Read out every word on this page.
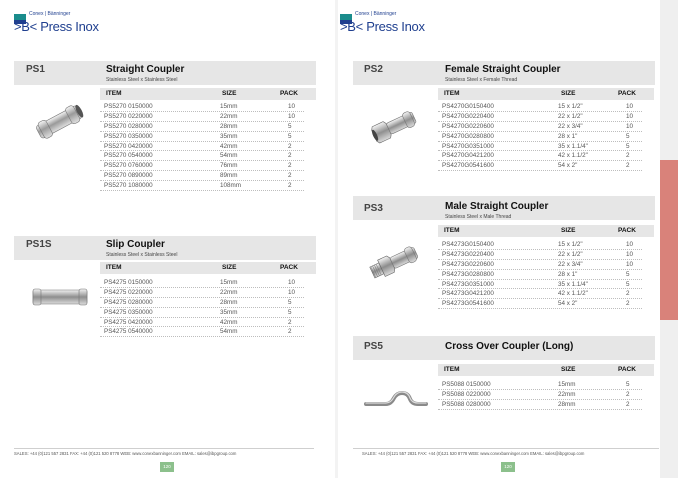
Conex | Bänninger
>B< Press Inox
PS1	Straight Coupler
Stainless Steel x Stainless Steel
ITEM	SIZE	PACK
PS5270 0150000	15mm	10
PS5270 0220000	22mm	10
PS5270 0280000	28mm	5
PS5270 0350000	35mm	5
PS5270 0420000	42mm	2
PS5270 0540000	54mm	2
PS5270 0760000	76mm	2
PS5270 0890000	89mm	2
PS5270 1080000	108mm	2
PS1S	Slip Coupler
Stainless Steel x Stainless Steel
ITEM	SIZE	PACK
PS4275 0150000	15mm	10
PS4275 0220000	22mm	10
PS4275 0280000	28mm	5
PS4275 0350000	35mm	5
PS4275 0420000	42mm	2
PS4275 0540000	54mm	2
SALES: +44 (0)121 557 2831 FAX: +44 (0)121 520 8778 WEB: www.conexbanninger.com EMAIL: sales@ibpgroup.com
120
Conex | Bänninger
>B< Press Inox
PS2	Female Straight Coupler
Stainless Steel x Female Thread
ITEM	SIZE	PACK
PS4270G0150400	15 x 1/2"	10
PS4270G0220400	22 x 1/2"	10
PS4270G0220600	22 x 3/4"	10
PS4270G0280800	28 x 1"	5
PS4270G0351000	35 x 1.1/4"	5
PS4270G0421200	42 x 1.1/2"	2
PS4270G0541600	54 x 2"	2
PS3	Male Straight Coupler
Stainless Steel x Male Thread
ITEM	SIZE	PACK
PS4273G0150400	15 x 1/2"	10
PS4273G0220400	22 x 1/2"	10
PS4273G0220600	22 x 3/4"	10
PS4273G0280800	28 x 1"	5
PS4273G0351000	35 x 1.1/4"	5
PS4273G0421200	42 x 1.1/2"	2
PS4273G0541600	54 x 2"	2
PS5	Cross Over Coupler (Long)
ITEM	SIZE	PACK
PS5088 0150000	15mm	5
PS5088 0220000	22mm	2
PS5088 0280000	28mm	2
SALES: +44 (0)121 557 2831 FAX: +44 (0)121 520 8778 WEB: www.conexbanninger.com EMAIL: sales@ibpgroup.com
120
